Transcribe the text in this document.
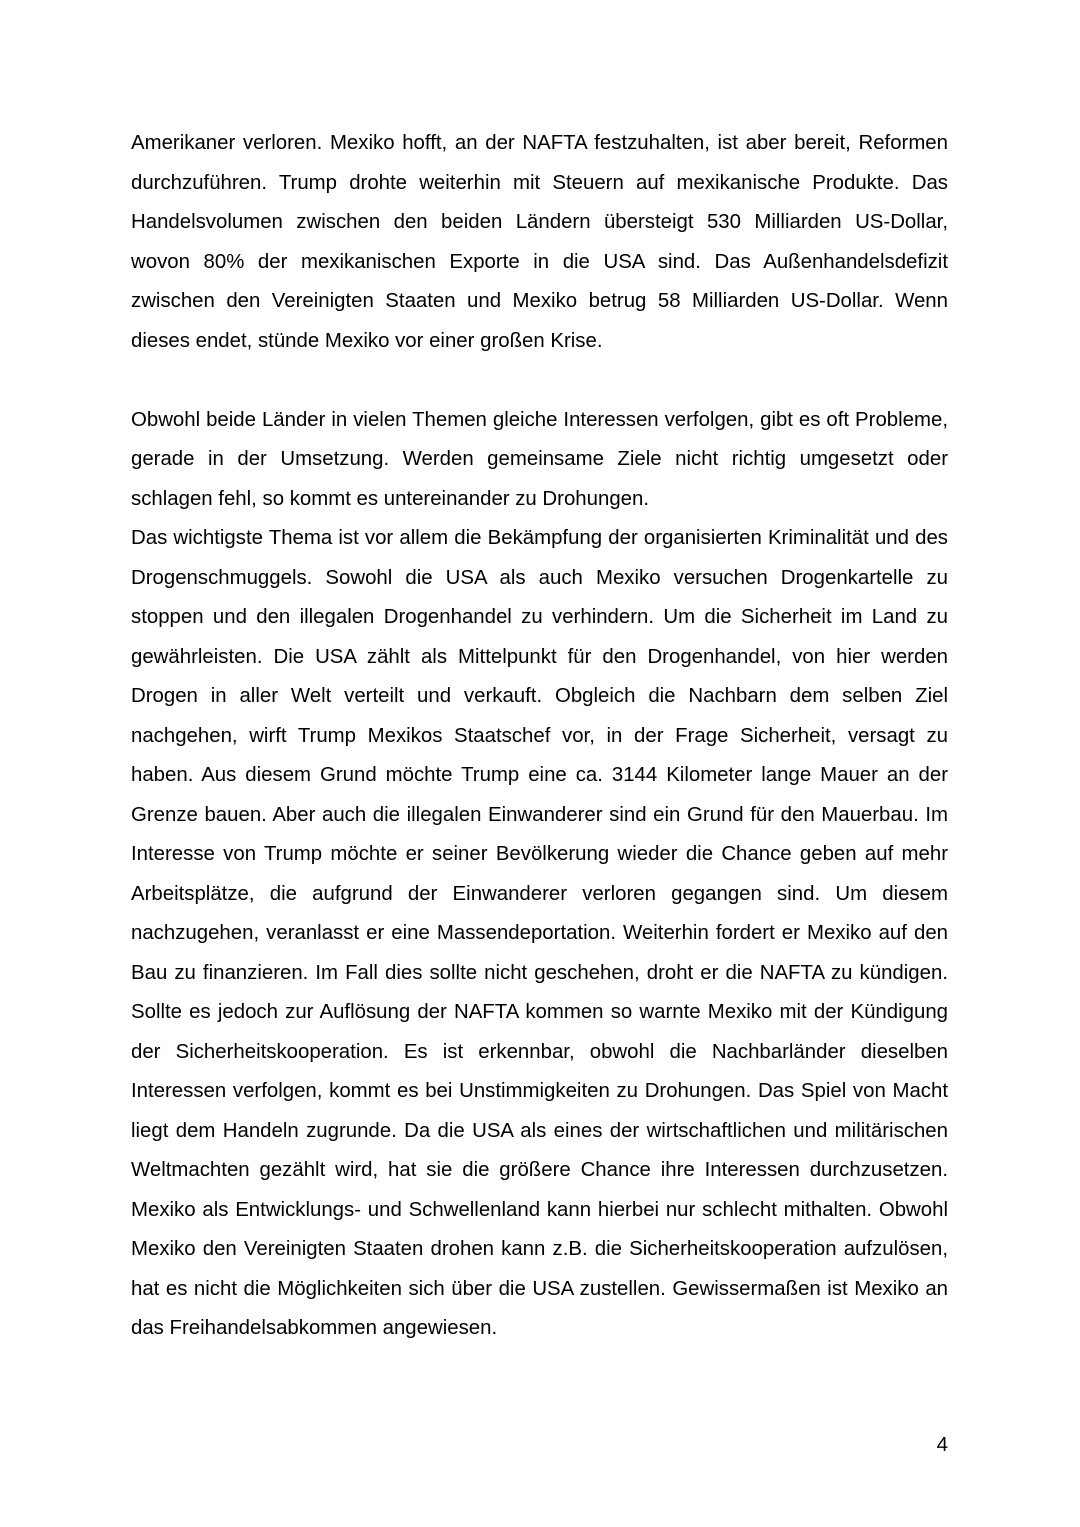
Amerikaner verloren. Mexiko hofft, an der NAFTA festzuhalten, ist aber bereit, Reformen durchzuführen. Trump drohte weiterhin mit Steuern auf mexikanische Produkte. Das Handelsvolumen zwischen den beiden Ländern übersteigt 530 Milliarden US-Dollar, wovon 80% der mexikanischen Exporte in die USA sind. Das Außenhandelsdefizit zwischen den Vereinigten Staaten und Mexiko betrug 58 Milliarden US-Dollar. Wenn dieses endet, stünde Mexiko vor einer großen Krise.

Obwohl beide Länder in vielen Themen gleiche Interessen verfolgen, gibt es oft Probleme, gerade in der Umsetzung. Werden gemeinsame Ziele nicht richtig umgesetzt oder schlagen fehl, so kommt es untereinander zu Drohungen.

Das wichtigste Thema ist vor allem die Bekämpfung der organisierten Kriminalität und des Drogenschmuggels. Sowohl die USA als auch Mexiko versuchen Drogenkartelle zu stoppen und den illegalen Drogenhandel zu verhindern. Um die Sicherheit im Land zu gewährleisten. Die USA zählt als Mittelpunkt für den Drogenhandel, von hier werden Drogen in aller Welt verteilt und verkauft. Obgleich die Nachbarn dem selben Ziel nachgehen, wirft Trump Mexikos Staatschef vor, in der Frage Sicherheit, versagt zu haben. Aus diesem Grund möchte Trump eine ca. 3144 Kilometer lange Mauer an der Grenze bauen. Aber auch die illegalen Einwanderer sind ein Grund für den Mauerbau. Im Interesse von Trump möchte er seiner Bevölkerung wieder die Chance geben auf mehr Arbeitsplätze, die aufgrund der Einwanderer verloren gegangen sind. Um diesem nachzugehen, veranlasst er eine Massendeportation. Weiterhin fordert er Mexiko auf den Bau zu finanzieren. Im Fall dies sollte nicht geschehen, droht er die NAFTA zu kündigen. Sollte es jedoch zur Auflösung der NAFTA kommen so warnte Mexiko mit der Kündigung der Sicherheitskooperation. Es ist erkennbar, obwohl die Nachbarländer dieselben Interessen verfolgen, kommt es bei Unstimmigkeiten zu Drohungen. Das Spiel von Macht liegt dem Handeln zugrunde. Da die USA als eines der wirtschaftlichen und militärischen Weltmachten gezählt wird, hat sie die größere Chance ihre Interessen durchzusetzen. Mexiko als Entwicklungs- und Schwellenland kann hierbei nur schlecht mithalten. Obwohl Mexiko den Vereinigten Staaten drohen kann z.B. die Sicherheitskooperation aufzulösen, hat es nicht die Möglichkeiten sich über die USA zustellen. Gewissermaßen ist Mexiko an das Freihandelsabkommen angewiesen.

4
